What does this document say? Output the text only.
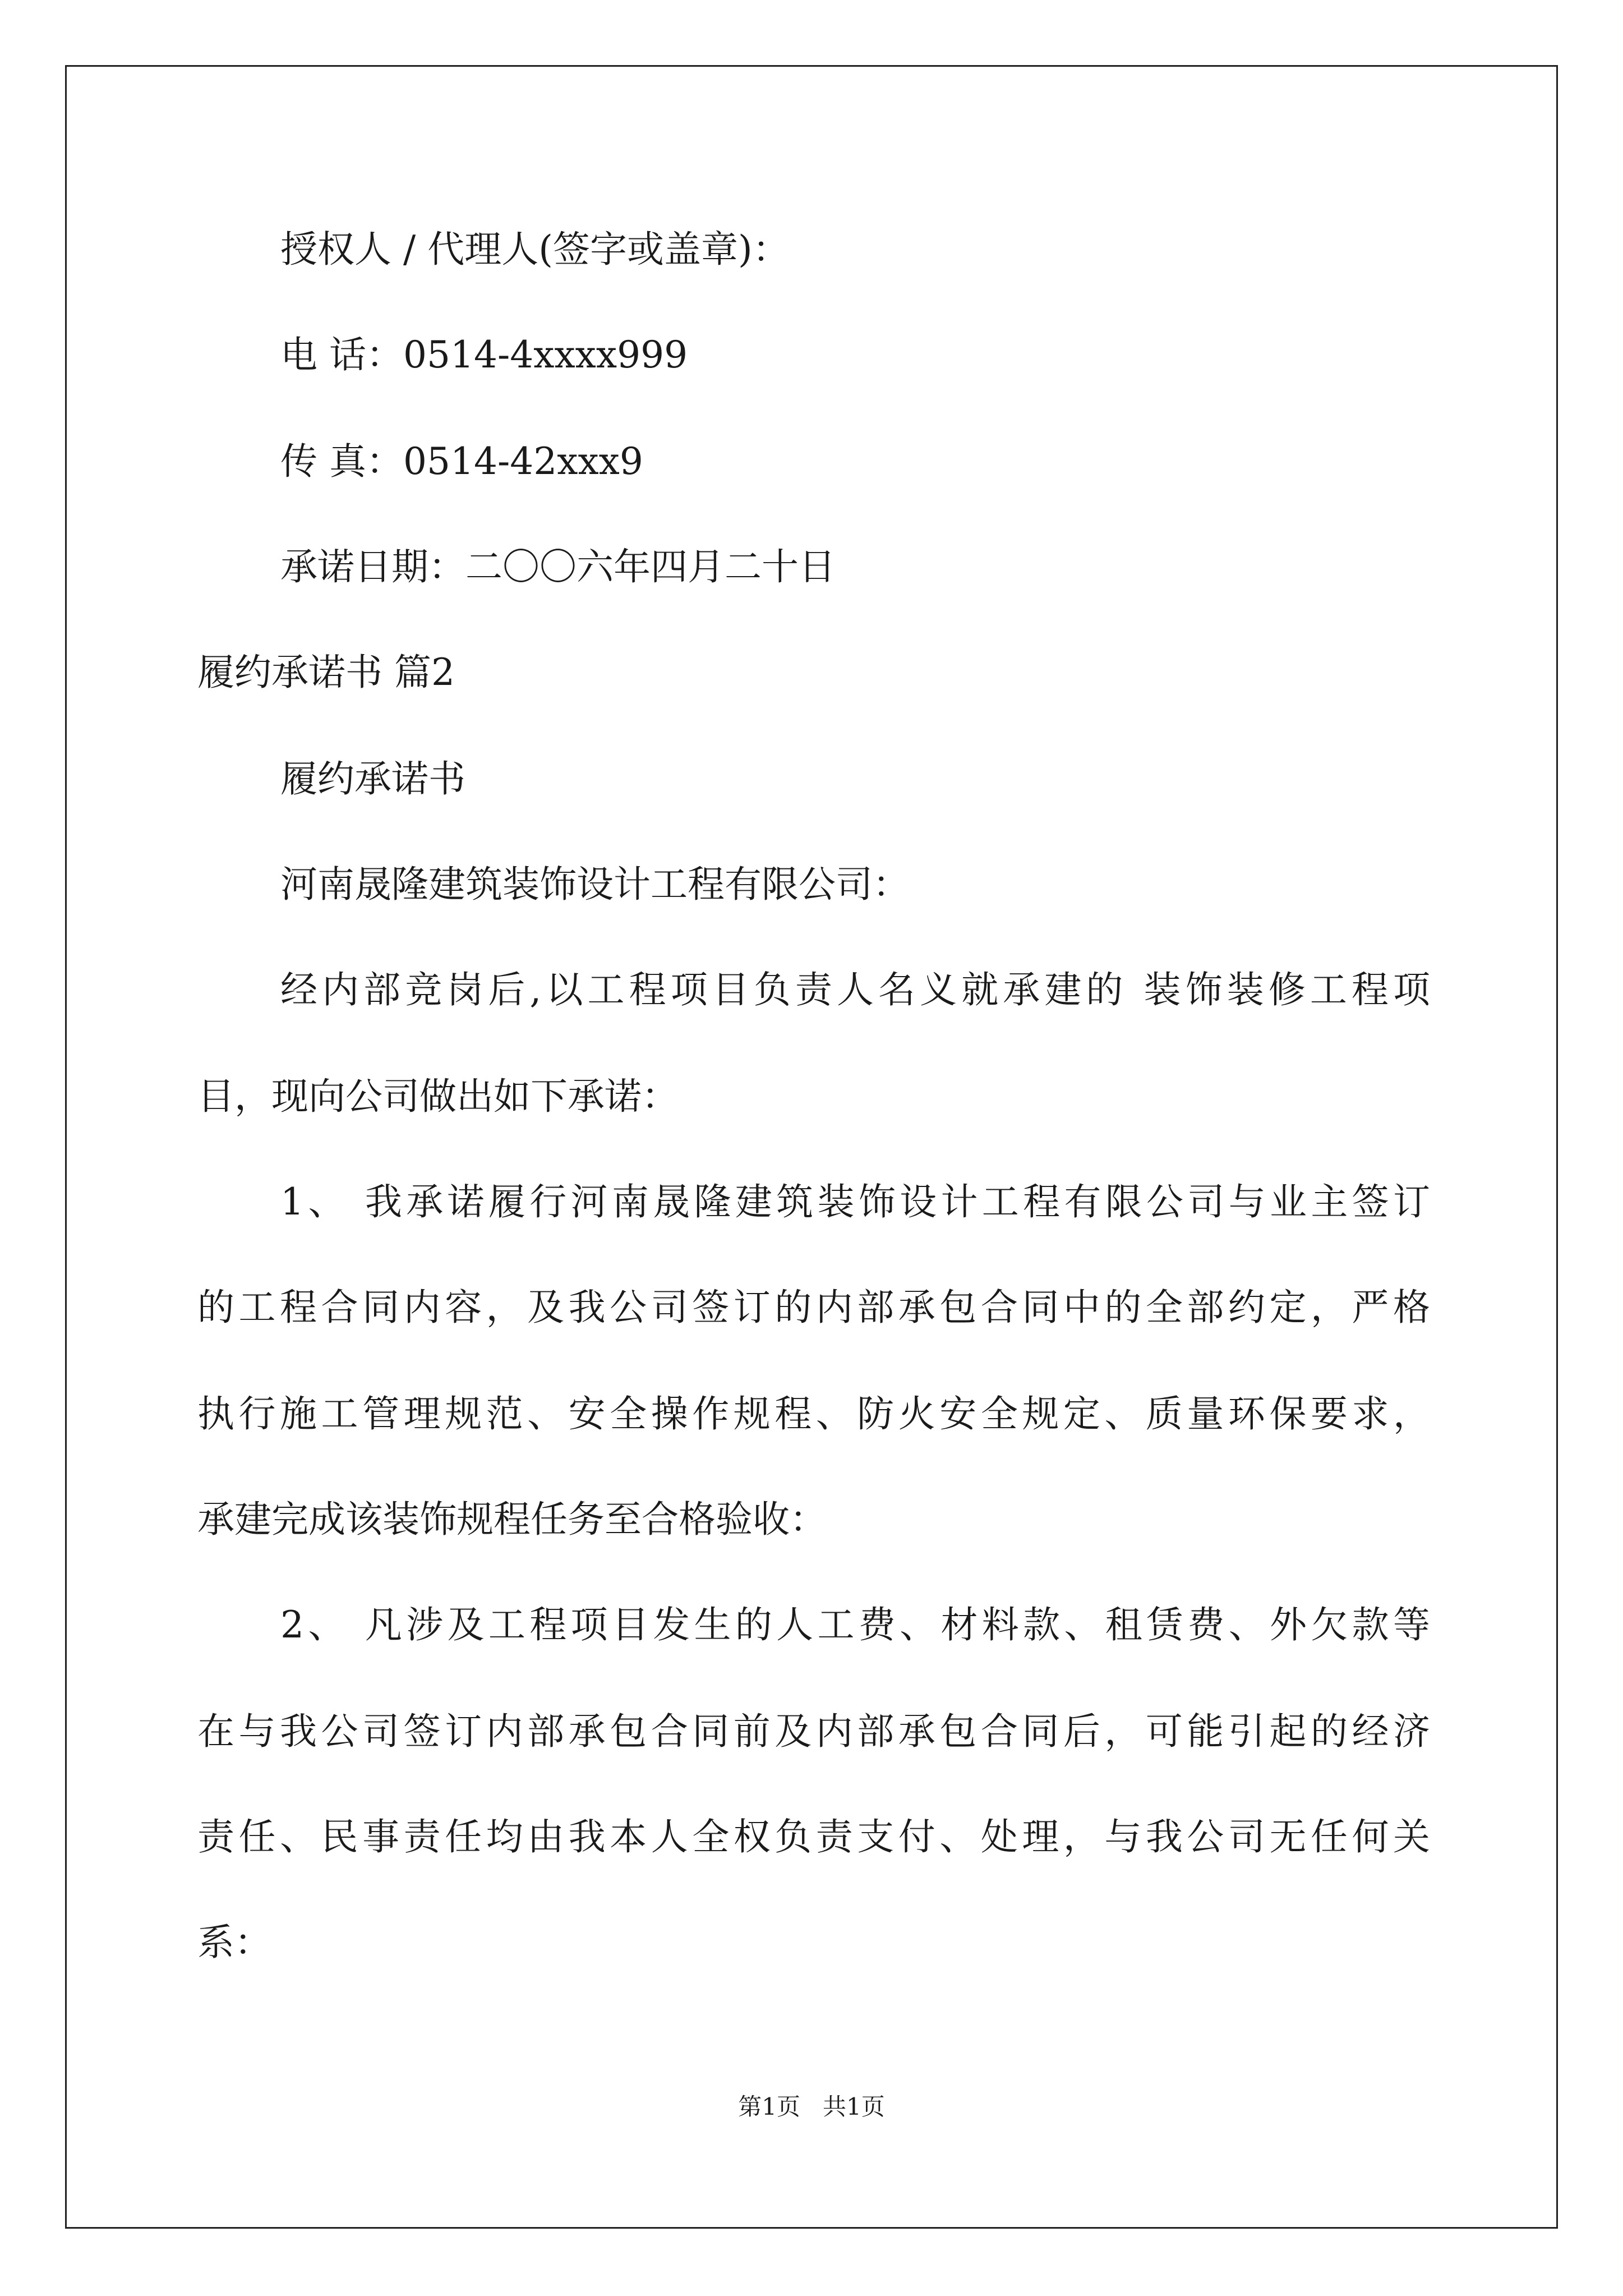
授权人 / 代理人(签字或盖章)：
电 话：0514-4xxxx999
传 真：0514-42xxx9
承诺日期：二〇〇六年四月二十日
履约承诺书 篇2
履约承诺书
河南晟隆建筑装饰设计工程有限公司：
经内部竞岗后,以工程项目负责人名义就承建的 装饰装修工程项
目，现向公司做出如下承诺：
1、 我承诺履行河南晟隆建筑装饰设计工程有限公司与业主签订
的工程合同内容，及我公司签订的内部承包合同中的全部约定，严格
执行施工管理规范、安全操作规程、防火安全规定、质量环保要求，
承建完成该装饰规程任务至合格验收：
2、 凡涉及工程项目发生的人工费、材料款、租赁费、外欠款等
在与我公司签订内部承包合同前及内部承包合同后，可能引起的经济
责任、民事责任均由我本人全权负责支付、处理，与我公司无任何关
系：
第1页   共1页
